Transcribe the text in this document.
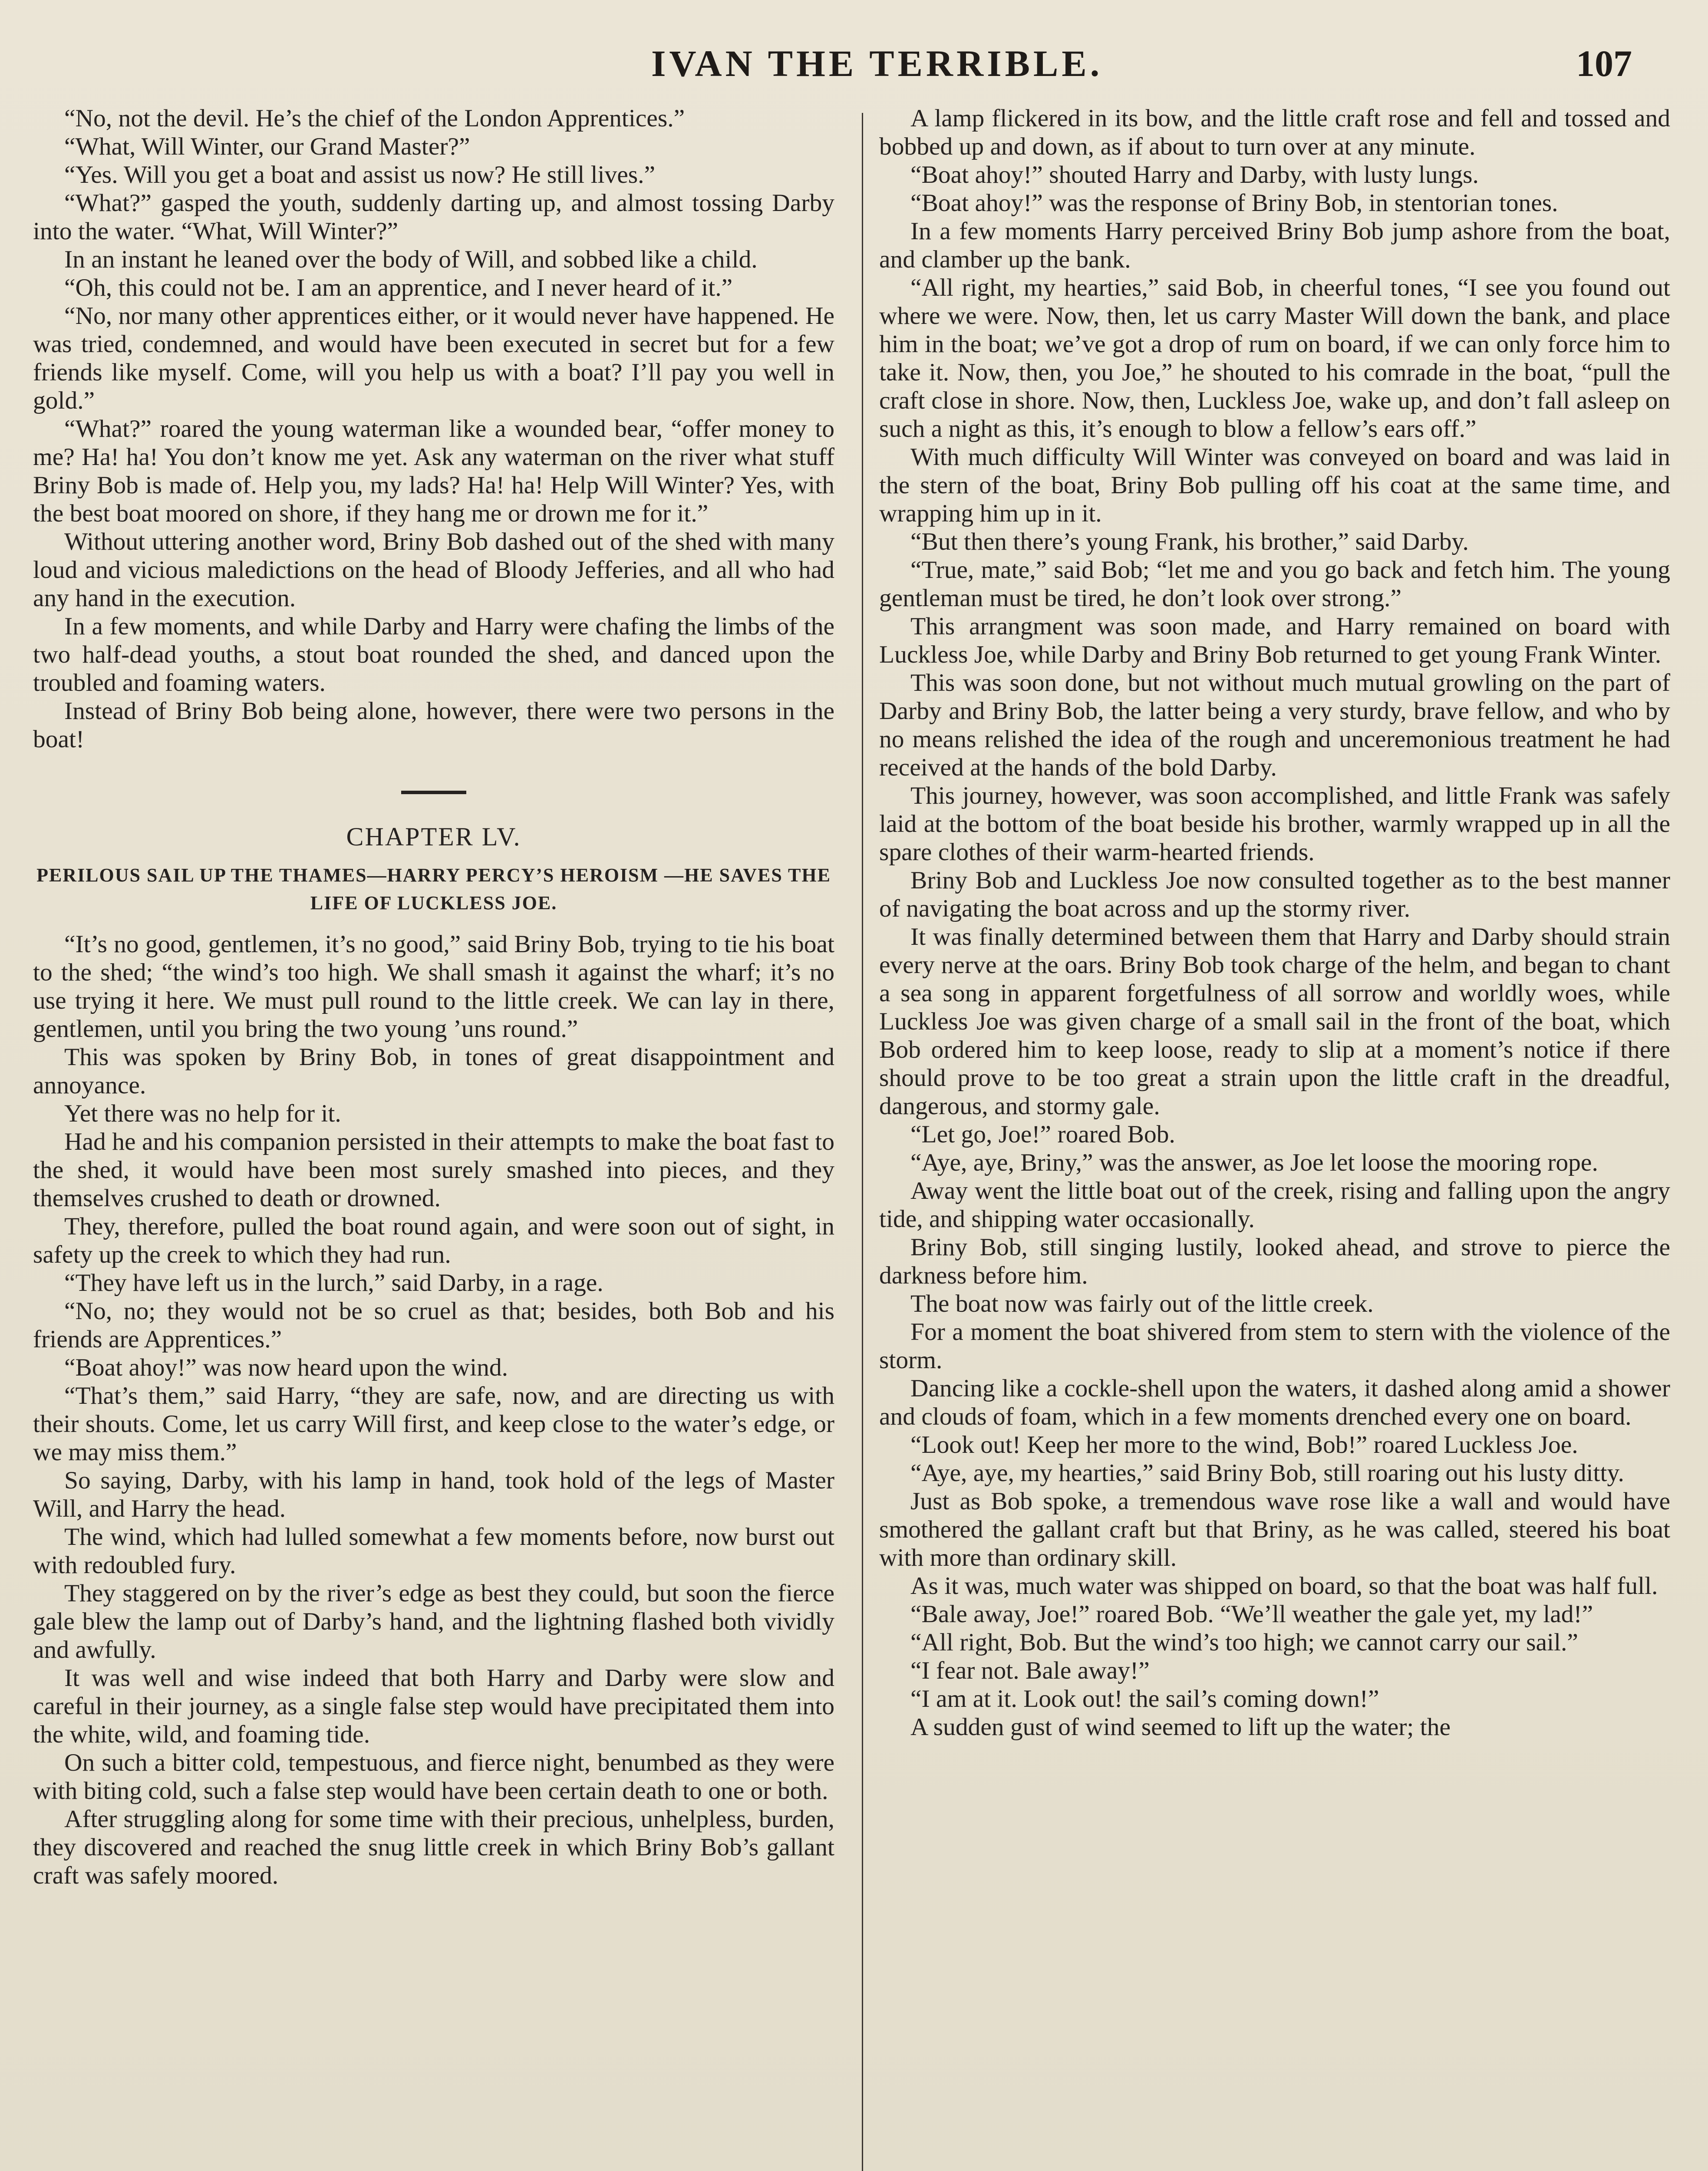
IVAN THE TERRIBLE.	107

“No, not the devil. He’s the chief of the London Apprentices.”

“What, Will Winter, our Grand Master?”

“Yes. Will you get a boat and assist us now? He still lives.”

“What?” gasped the youth, suddenly darting up, and almost tossing Darby into the water. “What, Will Winter?”

In an instant he leaned over the body of Will, and sobbed like a child.

“Oh, this could not be. I am an apprentice, and I never heard of it.”

“No, nor many other apprentices either, or it would never have happened. He was tried, condemned, and would have been executed in secret but for a few friends like myself. Come, will you help us with a boat? I’ll pay you well in gold.”

“What?” roared the young waterman like a wounded bear, “offer money to me? Ha! ha! You don’t know me yet. Ask any waterman on the river what stuff Briny Bob is made of. Help you, my lads? Ha! ha! Help Will Winter? Yes, with the best boat moored on shore, if they hang me or drown me for it.”

Without uttering another word, Briny Bob dashed out of the shed with many loud and vicious maledictions on the head of Bloody Jefferies, and all who had any hand in the execution.

In a few moments, and while Darby and Harry were chafing the limbs of the two half-dead youths, a stout boat rounded the shed, and danced upon the troubled and foaming waters.

Instead of Briny Bob being alone, however, there were two persons in the boat!

CHAPTER LV.

PERILOUS SAIL UP THE THAMES—HARRY PERCY’S HEROISM —HE SAVES THE LIFE OF LUCKLESS JOE.

“It’s no good, gentlemen, it’s no good,” said Briny Bob, trying to tie his boat to the shed; “the wind’s too high. We shall smash it against the wharf; it’s no use trying it here. We must pull round to the little creek. We can lay in there, gentlemen, until you bring the two young ’uns round.”

This was spoken by Briny Bob, in tones of great disappointment and annoyance.

Yet there was no help for it.

Had he and his companion persisted in their attempts to make the boat fast to the shed, it would have been most surely smashed into pieces, and they themselves crushed to death or drowned.

They, therefore, pulled the boat round again, and were soon out of sight, in safety up the creek to which they had run.

“They have left us in the lurch,” said Darby, in a rage.

“No, no; they would not be so cruel as that; besides, both Bob and his friends are Apprentices.”

“Boat ahoy!” was now heard upon the wind.

“That’s them,” said Harry, “they are safe, now, and are directing us with their shouts. Come, let us carry Will first, and keep close to the water’s edge, or we may miss them.”

So saying, Darby, with his lamp in hand, took hold of the legs of Master Will, and Harry the head.

The wind, which had lulled somewhat a few moments before, now burst out with redoubled fury.

They staggered on by the river’s edge as best they could, but soon the fierce gale blew the lamp out of Darby’s hand, and the lightning flashed both vividly and awfully.

It was well and wise indeed that both Harry and Darby were slow and careful in their journey, as a single false step would have precipitated them into the white, wild, and foaming tide.

On such a bitter cold, tempestuous, and fierce night, benumbed as they were with biting cold, such a false step would have been certain death to one or both.

After struggling along for some time with their precious, unhelpless, burden, they discovered and reached the snug little creek in which Briny Bob’s gallant craft was safely moored.

A lamp flickered in its bow, and the little craft rose and fell and tossed and bobbed up and down, as if about to turn over at any minute.

“Boat ahoy!” shouted Harry and Darby, with lusty lungs.

“Boat ahoy!” was the response of Briny Bob, in stentorian tones.

In a few moments Harry perceived Briny Bob jump ashore from the boat, and clamber up the bank.

“All right, my hearties,” said Bob, in cheerful tones, “I see you found out where we were. Now, then, let us carry Master Will down the bank, and place him in the boat; we’ve got a drop of rum on board, if we can only force him to take it. Now, then, you Joe,” he shouted to his comrade in the boat, “pull the craft close in shore. Now, then, Luckless Joe, wake up, and don’t fall asleep on such a night as this, it’s enough to blow a fellow’s ears off.”

With much difficulty Will Winter was conveyed on board and was laid in the stern of the boat, Briny Bob pulling off his coat at the same time, and wrapping him up in it.

“But then there’s young Frank, his brother,” said Darby.

“True, mate,” said Bob; “let me and you go back and fetch him. The young gentleman must be tired, he don’t look over strong.”

This arrangment was soon made, and Harry remained on board with Luckless Joe, while Darby and Briny Bob returned to get young Frank Winter.

This was soon done, but not without much mutual growling on the part of Darby and Briny Bob, the latter being a very sturdy, brave fellow, and who by no means relished the idea of the rough and unceremonious treatment he had received at the hands of the bold Darby.

This journey, however, was soon accomplished, and little Frank was safely laid at the bottom of the boat beside his brother, warmly wrapped up in all the spare clothes of their warm-hearted friends.

Briny Bob and Luckless Joe now consulted together as to the best manner of navigating the boat across and up the stormy river.

It was finally determined between them that Harry and Darby should strain every nerve at the oars. Briny Bob took charge of the helm, and began to chant a sea song in apparent forgetfulness of all sorrow and worldly woes, while Luckless Joe was given charge of a small sail in the front of the boat, which Bob ordered him to keep loose, ready to slip at a moment’s notice if there should prove to be too great a strain upon the little craft in the dreadful, dangerous, and stormy gale.

“Let go, Joe!” roared Bob.

“Aye, aye, Briny,” was the answer, as Joe let loose the mooring rope.

Away went the little boat out of the creek, rising and falling upon the angry tide, and shipping water occasionally.

Briny Bob, still singing lustily, looked ahead, and strove to pierce the darkness before him.

The boat now was fairly out of the little creek.

For a moment the boat shivered from stem to stern with the violence of the storm.

Dancing like a cockle-shell upon the waters, it dashed along amid a shower and clouds of foam, which in a few moments drenched every one on board.

“Look out! Keep her more to the wind, Bob!” roared Luckless Joe.

“Aye, aye, my hearties,” said Briny Bob, still roaring out his lusty ditty.

Just as Bob spoke, a tremendous wave rose like a wall and would have smothered the gallant craft but that Briny, as he was called, steered his boat with more than ordinary skill.

As it was, much water was shipped on board, so that the boat was half full.

“Bale away, Joe!” roared Bob. “We’ll weather the gale yet, my lad!”

“All right, Bob. But the wind’s too high; we cannot carry our sail.”

“I fear not. Bale away!”

“I am at it. Look out! the sail’s coming down!”

A sudden gust of wind seemed to lift up the water; the
